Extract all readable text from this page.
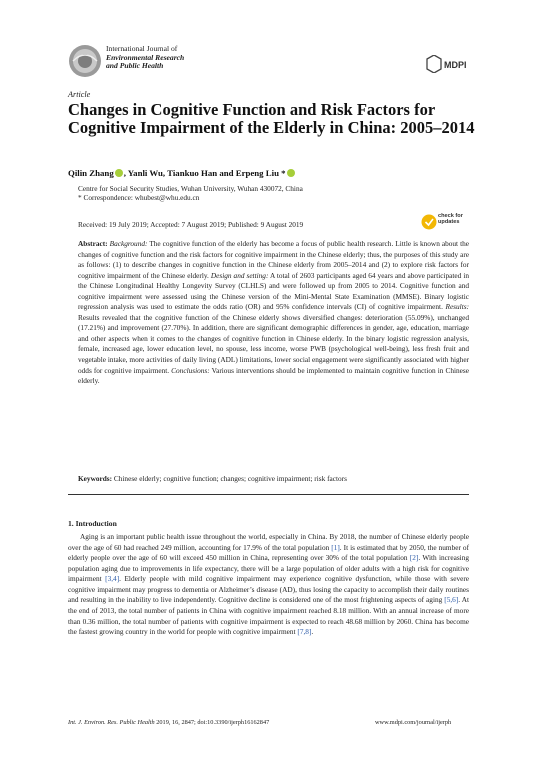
International Journal of
Environmental Research
and Public Health	MDPI
Article
Changes in Cognitive Function and Risk Factors for Cognitive Impairment of the Elderly in China: 2005–2014
Qilin Zhang , Yanli Wu, Tiankuo Han and Erpeng Liu *
Centre for Social Security Studies, Wuhan University, Wuhan 430072, China
* Correspondence: whubest@whu.edu.cn
Received: 19 July 2019; Accepted: 7 August 2019; Published: 9 August 2019
check for
updates
Abstract: Background: The cognitive function of the elderly has become a focus of public health research. Little is known about the changes of cognitive function and the risk factors for cognitive impairment in the Chinese elderly; thus, the purposes of this study are as follows: (1) to describe changes in cognitive function in the Chinese elderly from 2005–2014 and (2) to explore risk factors for cognitive impairment of the Chinese elderly. Design and setting: A total of 2603 participants aged 64 years and above participated in the Chinese Longitudinal Healthy Longevity Survey (CLHLS) and were followed up from 2005 to 2014. Cognitive function and cognitive impairment were assessed using the Chinese version of the Mini-Mental State Examination (MMSE). Binary logistic regression analysis was used to estimate the odds ratio (OR) and 95% confidence intervals (CI) of cognitive impairment. Results: Results revealed that the cognitive function of the Chinese elderly shows diversified changes: deterioration (55.09%), unchanged (17.21%) and improvement (27.70%). In addition, there are significant demographic differences in gender, age, education, marriage and other aspects when it comes to the changes of cognitive function in Chinese elderly. In the binary logistic regression analysis, female, increased age, lower education level, no spouse, less income, worse PWB (psychological well-being), less fresh fruit and vegetable intake, more activities of daily living (ADL) limitations, lower social engagement were significantly associated with higher odds for cognitive impairment. Conclusions: Various interventions should be implemented to maintain cognitive function in Chinese elderly.
Keywords: Chinese elderly; cognitive function; changes; cognitive impairment; risk factors
1. Introduction
Aging is an important public health issue throughout the world, especially in China. By 2018, the number of Chinese elderly people over the age of 60 had reached 249 million, accounting for 17.9% of the total population [1]. It is estimated that by 2050, the number of elderly people over the age of 60 will exceed 450 million in China, representing over 30% of the total population [2]. With increasing population aging due to improvements in life expectancy, there will be a large population of older adults with a high risk for cognitive impairment [3,4]. Elderly people with mild cognitive impairment may experience cognitive dysfunction, while those with severe cognitive impairment may progress to dementia or Alzheimer’s disease (AD), thus losing the capacity to accomplish their daily routines and resulting in the inability to live independently. Cognitive decline is considered one of the most frightening aspects of aging [5,6]. At the end of 2013, the total number of patients in China with cognitive impairment reached 8.18 million. With an annual increase of more than 0.36 million, the total number of patients with cognitive impairment is expected to reach 48.68 million by 2060. China has become the fastest growing country in the world for people with cognitive impairment [7,8].
Int. J. Environ. Res. Public Health 2019, 16, 2847; doi:10.3390/ijerph16162847	www.mdpi.com/journal/ijerph
